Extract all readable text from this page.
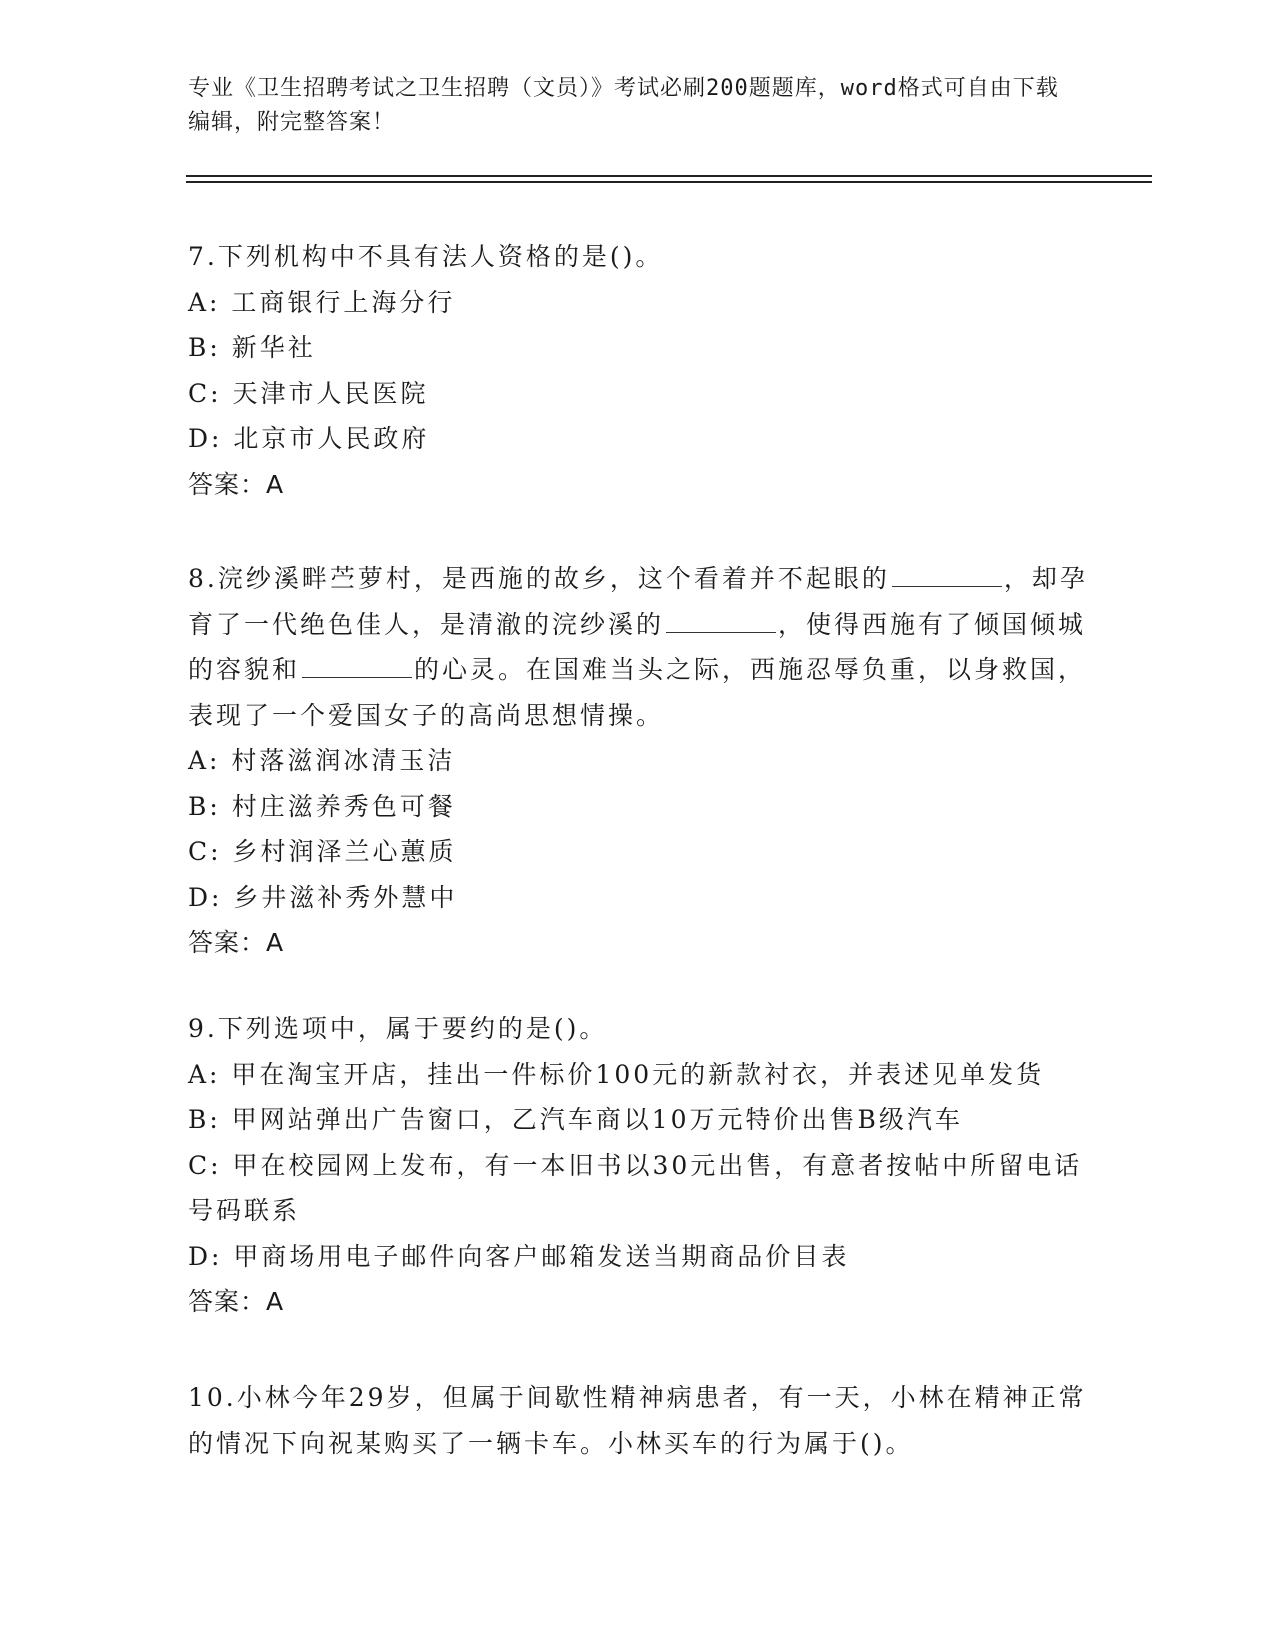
专业《卫生招聘考试之卫生招聘（文员）》考试必刷200题题库，word格式可自由下载编辑，附完整答案！
7.下列机构中不具有法人资格的是()。
A: 工商银行上海分行
B: 新华社
C: 天津市人民医院
D: 北京市人民政府
答案：A
8.浣纱溪畔苎萝村，是西施的故乡，这个看着并不起眼的	，却孕育了一代绝色佳人，是清澈的浣纱溪的	，使得西施有了倾国倾城的容貌和	的心灵。在国难当头之际，西施忍辱负重，以身救国，表现了一个爱国女子的高尚思想情操。
A: 村落滋润冰清玉洁
B: 村庄滋养秀色可餐
C: 乡村润泽兰心蕙质
D: 乡井滋补秀外慧中
答案：A
9.下列选项中，属于要约的是()。
A: 甲在淘宝开店，挂出一件标价100元的新款衬衣，并表述见单发货
B: 甲网站弹出广告窗口，乙汽车商以10万元特价出售B级汽车
C: 甲在校园网上发布，有一本旧书以30元出售，有意者按帖中所留电话号码联系
D: 甲商场用电子邮件向客户邮箱发送当期商品价目表
答案：A
10.小林今年29岁，但属于间歇性精神病患者，有一天，小林在精神正常的情况下向祝某购买了一辆卡车。小林买车的行为属于()。
